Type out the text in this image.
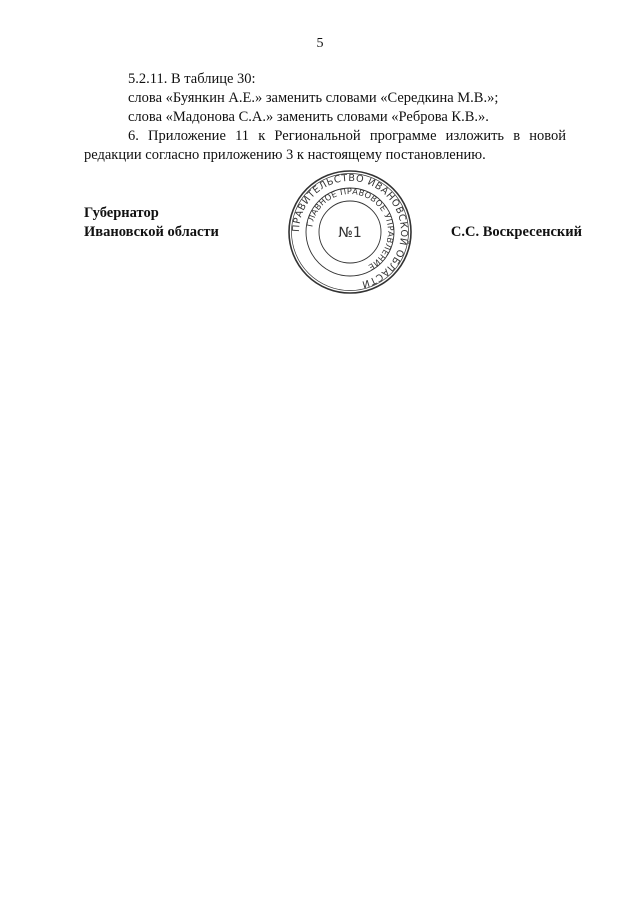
5

5.2.11. В таблице 30:

слова «Буянкин А.Е.» заменить словами «Середкина М.В.»;

слова «Мадонова С.А.» заменить словами «Реброва К.В.».

6. Приложение 11 к Региональной программе изложить в новой редакции согласно приложению 3 к настоящему постановлению.

Губернатор
Ивановской области	ПРАВИТЕЛЬСТВО ИВАНОВСКОЙ ОБЛАСТИ
ГЛАВНОЕ ПРАВОВОЕ УПРАВЛЕНИЕ
№1	С.С. Воскресенский
